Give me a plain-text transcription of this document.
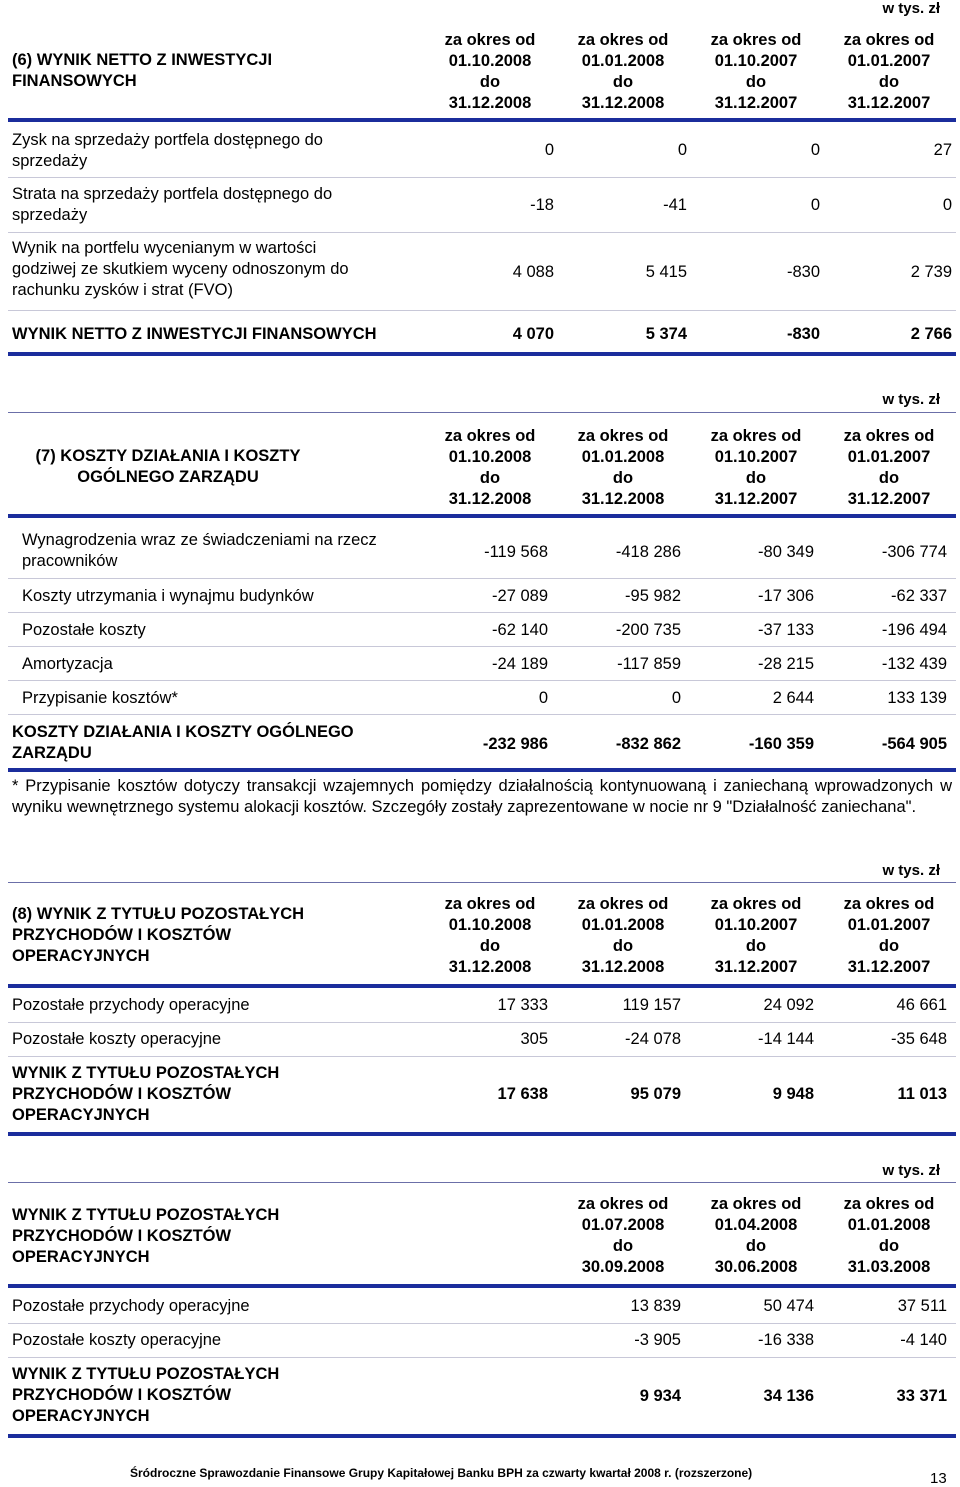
w tys. zł
(6) WYNIK NETTO Z INWESTYCJI
FINANSOWYCH
za okres od
01.10.2008
do
31.12.2008
za okres od
01.01.2008
do
31.12.2008
za okres od
01.10.2007
do
31.12.2007
za okres od
01.01.2007
do
31.12.2007
Zysk na sprzedaży portfela dostępnego do
sprzedaży
0	0	0	27
Strata na sprzedaży portfela dostępnego do
sprzedaży
-18	-41	0	0
Wynik na portfelu wycenianym w wartości
godziwej ze skutkiem wyceny odnoszonym do
rachunku zysków i strat (FVO)
4 088	5 415	-830	2 739
WYNIK NETTO Z INWESTYCJI FINANSOWYCH	4 070	5 374	-830	2 766
w tys. zł
(7) KOSZTY DZIAŁANIA I KOSZTY
OGÓLNEGO ZARZĄDU
za okres od
01.10.2008
do
31.12.2008
za okres od
01.01.2008
do
31.12.2008
za okres od
01.10.2007
do
31.12.2007
za okres od
01.01.2007
do
31.12.2007
Wynagrodzenia wraz ze świadczeniami na rzecz
pracowników	-119 568	-418 286	-80 349	-306 774
Koszty utrzymania i wynajmu budynków	-27 089	-95 982	-17 306	-62 337
Pozostałe koszty	-62 140	-200 735	-37 133	-196 494
Amortyzacja	-24 189	-117 859	-28 215	-132 439
Przypisanie kosztów*	0	0	2 644	133 139
KOSZTY DZIAŁANIA I KOSZTY OGÓLNEGO
ZARZĄDU	-232 986	-832 862	-160 359	-564 905
* Przypisanie kosztów dotyczy transakcji wzajemnych pomiędzy działalnością kontynuowaną i zaniechaną wprowadzonych w wyniku wewnętrznego systemu alokacji kosztów. Szczegóły zostały zaprezentowane w nocie nr 9 "Działalność zaniechana".
w tys. zł
(8) WYNIK Z TYTUŁU POZOSTAŁYCH
PRZYCHODÓW I KOSZTÓW
OPERACYJNYCH
za okres od
01.10.2008
do
31.12.2008
za okres od
01.01.2008
do
31.12.2008
za okres od
01.10.2007
do
31.12.2007
za okres od
01.01.2007
do
31.12.2007
Pozostałe przychody operacyjne	17 333	119 157	24 092	46 661
Pozostałe koszty operacyjne	305	-24 078	-14 144	-35 648
WYNIK Z TYTUŁU POZOSTAŁYCH
PRZYCHODÓW I KOSZTÓW
OPERACYJNYCH
17 638	95 079	9 948	11 013
w tys. zł
WYNIK Z TYTUŁU POZOSTAŁYCH
PRZYCHODÓW I KOSZTÓW
OPERACYJNYCH
za okres od
01.07.2008
do
30.09.2008
za okres od
01.04.2008
do
30.06.2008
za okres od
01.01.2008
do
31.03.2008
Pozostałe przychody operacyjne	13 839	50 474	37 511
Pozostałe koszty operacyjne	-3 905	-16 338	-4 140
WYNIK Z TYTUŁU POZOSTAŁYCH
PRZYCHODÓW I KOSZTÓW
OPERACYJNYCH
9 934	34 136	33 371
Śródroczne Sprawozdanie Finansowe Grupy Kapitałowej Banku BPH za czwarty kwartał 2008 r. (rozszerzone)	13
